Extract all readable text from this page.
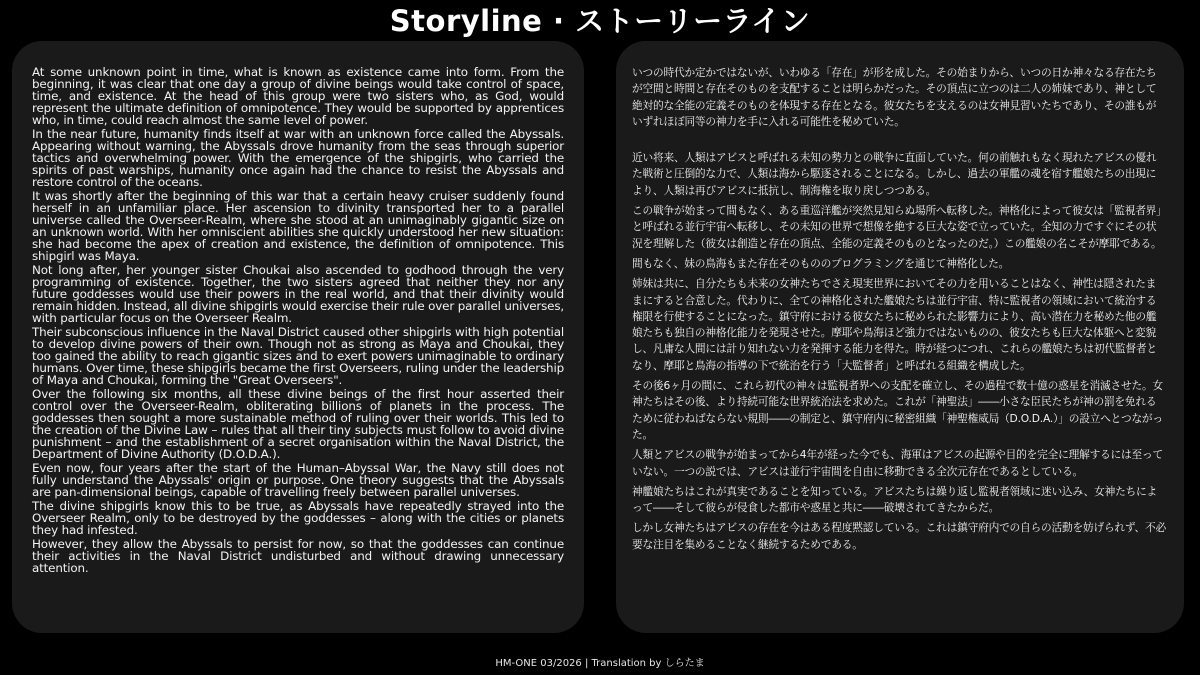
Storyline · ストーリーライン

At some unknown point in time, what is known as existence came into form. From the beginning, it was clear that one day a group of divine beings would take control of space, time, and existence. At the head of this group were two sisters who, as God, would represent the ultimate definition of omnipotence. They would be supported by apprentices who, in time, could reach almost the same level of power.

In the near future, humanity finds itself at war with an unknown force called the Abyssals. Appearing without warning, the Abyssals drove humanity from the seas through superior tactics and overwhelming power. With the emergence of the shipgirls, who carried the spirits of past warships, humanity once again had the chance to resist the Abyssals and restore control of the oceans.

It was shortly after the beginning of this war that a certain heavy cruiser suddenly found herself in an unfamiliar place. Her ascension to divinity transported her to a parallel universe called the Overseer-Realm, where she stood at an unimaginably gigantic size on an unknown world. With her omniscient abilities she quickly understood her new situation: she had become the apex of creation and existence, the definition of omnipotence. This shipgirl was Maya.

Not long after, her younger sister Choukai also ascended to godhood through the very programming of existence. Together, the two sisters agreed that neither they nor any future goddesses would use their powers in the real world, and that their divinity would remain hidden. Instead, all divine shipgirls would exercise their rule over parallel universes, with particular focus on the Overseer Realm.

Their subconscious influence in the Naval District caused other shipgirls with high potential to develop divine powers of their own. Though not as strong as Maya and Choukai, they too gained the ability to reach gigantic sizes and to exert powers unimaginable to ordinary humans. Over time, these shipgirls became the first Overseers, ruling under the leadership of Maya and Choukai, forming the "Great Overseers".

Over the following six months, all these divine beings of the first hour asserted their control over the Overseer-Realm, obliterating billions of planets in the process. The goddesses then sought a more sustainable method of ruling over their worlds. This led to the creation of the Divine Law – rules that all their tiny subjects must follow to avoid divine punishment – and the establishment of a secret organisation within the Naval District, the Department of Divine Authority (D.O.D.A.).

Even now, four years after the start of the Human–Abyssal War, the Navy still does not fully understand the Abyssals' origin or purpose. One theory suggests that the Abyssals are pan-dimensional beings, capable of travelling freely between parallel universes.

The divine shipgirls know this to be true, as Abyssals have repeatedly strayed into the Overseer Realm, only to be destroyed by the goddesses – along with the cities or planets they had infested.

However, they allow the Abyssals to persist for now, so that the goddesses can continue their activities in the Naval District undisturbed and without drawing unnecessary attention.

いつの時代か定かではないが、いわゆる「存在」が形を成した。その始まりから、いつの日か神々なる存在たちが空間と時間と存在そのものを支配することは明らかだった。その頂点に立つのは二人の姉妹であり、神として絶対的な全能の定義そのものを体現する存在となる。彼女たちを支えるのは女神見習いたちであり、その誰もがいずれほぼ同等の神力を手に入れる可能性を秘めていた。

近い将来、人類はアビスと呼ばれる未知の勢力との戦争に直面していた。何の前触れもなく現れたアビスの優れた戦術と圧倒的な力で、人類は海から駆逐されることになる。しかし、過去の軍艦の魂を宿す艦娘たちの出現により、人類は再びアビスに抵抗し、制海権を取り戻しつつある。

この戦争が始まって間もなく、ある重巡洋艦が突然見知らぬ場所へ転移した。神格化によって彼女は「監視者界」と呼ばれる並行宇宙へ転移し、その未知の世界で想像を絶する巨大な姿で立っていた。全知の力ですぐにその状況を理解した（彼女は創造と存在の頂点、全能の定義そのものとなったのだ。）この艦娘の名こそが摩耶である。

間もなく、妹の鳥海もまた存在そのもののプログラミングを通じて神格化した。

姉妹は共に、自分たちも未来の女神たちでさえ現実世界においてその力を用いることはなく、神性は隠されたままにすると合意した。代わりに、全ての神格化された艦娘たちは並行宇宙、特に監視者の領域において統治する権限を行使することになった。鎮守府における彼女たちに秘められた影響力により、高い潜在力を秘めた他の艦娘たちも独自の神格化能力を発現させた。摩耶や鳥海ほど強力ではないものの、彼女たちも巨大な体躯へと変貌し、凡庸な人間には計り知れない力を発揮する能力を得た。時が経つにつれ、これらの艦娘たちは初代監督者となり、摩耶と鳥海の指導の下で統治を行う「大監督者」と呼ばれる組織を構成した。

その後6ヶ月の間に、これら初代の神々は監視者界への支配を確立し、その過程で数十億の惑星を消滅させた。女神たちはその後、より持続可能な世界統治法を求めた。これが「神聖法」――小さな臣民たちが神の罰を免れるために従わねばならない規則――の制定と、鎮守府内に秘密組織「神聖権威局（D.O.D.A.）」の設立へとつながった。

人類とアビスの戦争が始まってから4年が経った今でも、海軍はアビスの起源や目的を完全に理解するには至っていない。一つの説では、アビスは並行宇宙間を自由に移動できる全次元存在であるとしている。

神艦娘たちはこれが真実であることを知っている。アビスたちは繰り返し監視者領域に迷い込み、女神たちによって――そして彼らが侵食した都市や惑星と共に――破壊されてきたからだ。

しかし女神たちはアビスの存在を今はある程度黙認している。これは鎮守府内での自らの活動を妨げられず、不必要な注目を集めることなく継続するためである。

HM-ONE 03/2026 | Translation by しらたま
